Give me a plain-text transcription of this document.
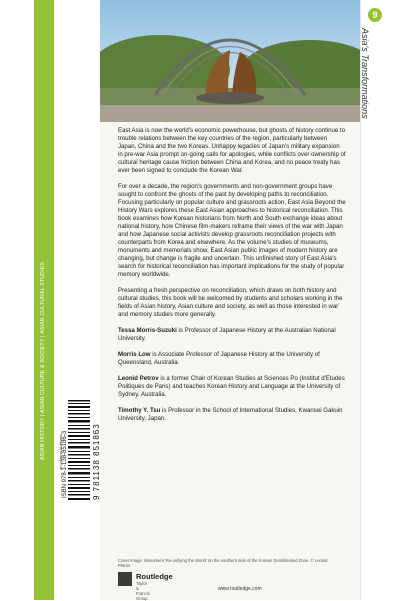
ASIAN HISTORY | ASIAN CULTURE & SOCIETY | ASIAN CULTURAL STUDIES	an informa business ISBN 978-1-138-85186-3	9 781138 851863
9
Asia's Transformations

East Asia is now the world's economic powerhouse, but ghosts of history continue to trouble relations between the key countries of the region, particularly between Japan, China and the two Koreas. Unhappy legacies of Japan's military expansion in pre-war Asia prompt on-going calls for apologies, while conflicts over ownership of cultural heritage cause friction between China and Korea, and no peace treaty has ever been signed to conclude the Korean War.

For over a decade, the region's governments and non-government groups have sought to confront the ghosts of the past by developing paths to reconciliation. Focusing particularly on popular culture and grassroots action, East Asia Beyond the History Wars explores these East Asian approaches to historical reconciliation. This book examines how Korean historians from North and South exchange ideas about national history, how Chinese film-makers reframe their views of the war with Japan and how Japanese social activists develop grassroots reconciliation projects with counterparts from Korea and elsewhere. As the volume's studies of museums, monuments and memorials show, East Asian public images of modern history are changing, but change is fragile and uncertain. This unfinished story of East Asia's search for historical reconciliation has important implications for the study of popular memory worldwide.

Presenting a fresh perspective on reconciliation, which draws on both history and cultural studies, this book will be welcomed by students and scholars working in the fields of Asian history, Asian culture and society, as well as those interested in war and memory studies more generally.

Tessa Morris-Suzuki is Professor of Japanese History at the Australian National University.

Morris Low is Associate Professor of Japanese History at the University of Queensland, Australia.

Leonid Petrov is a former Chair of Korean Studies at Sciences Po (Institut d'Etudes Politiques de Paris) and teaches Korean History and Language at the University of Sydney, Australia.

Timothy Y. Tsu is Professor in the School of International Studies, Kwansei Gakuin University, Japan.

Cover image: Monument 'Re-unifying the World' on the southern side of the Korean Demilitarised Zone. © Leonid Petrov
Routledge
Taylor & Francis Group
www.routledge.com
